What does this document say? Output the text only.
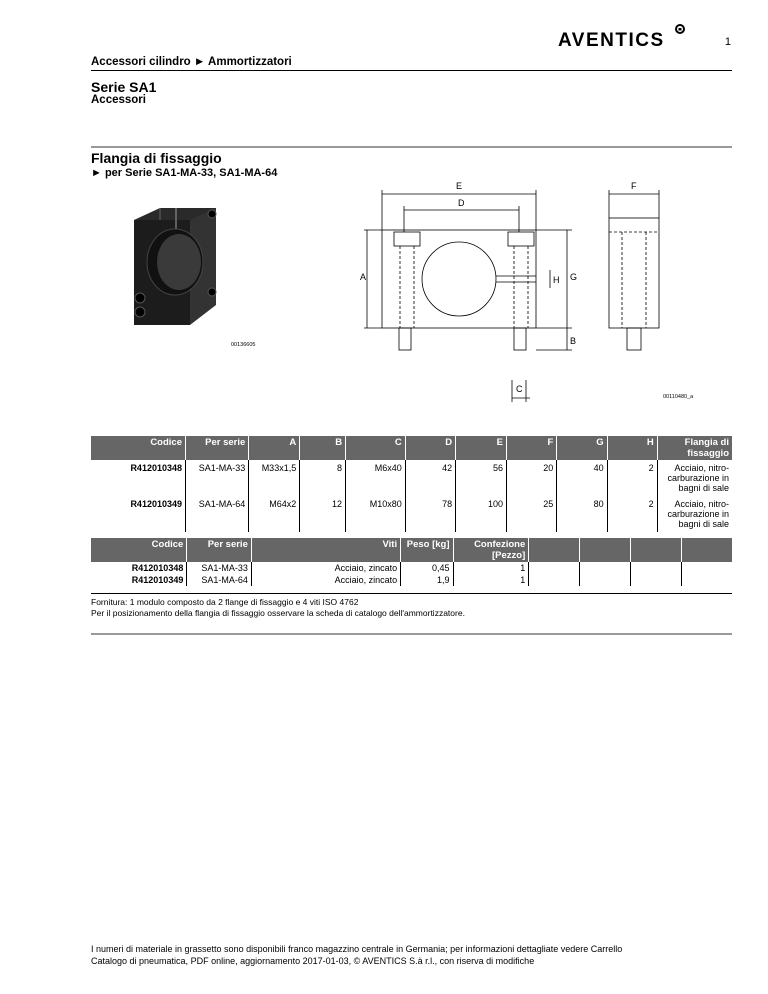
1
AVENTICS
Accessori cilindro ► Ammortizzatori
Serie SA1
Accessori
Flangia di fissaggio
► per Serie SA1-MA-33, SA1-MA-64
00136605
E
D
F
A	H G
B
C
00110480_a
Codice	Per serie	A	B	C	D	E	F	G	H	Flangia di fissaggio
R412010348	SA1-MA-33	M33x1,5	8	M6x40	42	56	20	40	2	Acciaio, nitro-carburazione in bagni di sale
R412010349	SA1-MA-64	M64x2	12	M10x80	78	100	25	80	2	Acciaio, nitro-carburazione in bagni di sale
Codice	Per serie	Viti	Peso [kg]	Confezione [Pezzo]				
R412010348	SA1-MA-33	Acciaio, zincato	0,45	1				
R412010349	SA1-MA-64	Acciaio, zincato	1,9	1				
Fornitura: 1 modulo composto da 2 flange di fissaggio e 4 viti ISO 4762
Per il posizionamento della flangia di fissaggio osservare la scheda di catalogo dell'ammortizzatore.
I numeri di materiale in grassetto sono disponibili franco magazzino centrale in Germania; per informazioni dettagliate vedere Carrello
Catalogo di pneumatica, PDF online, aggiornamento 2017-01-03, © AVENTICS S.à r.l., con riserva di modifiche
